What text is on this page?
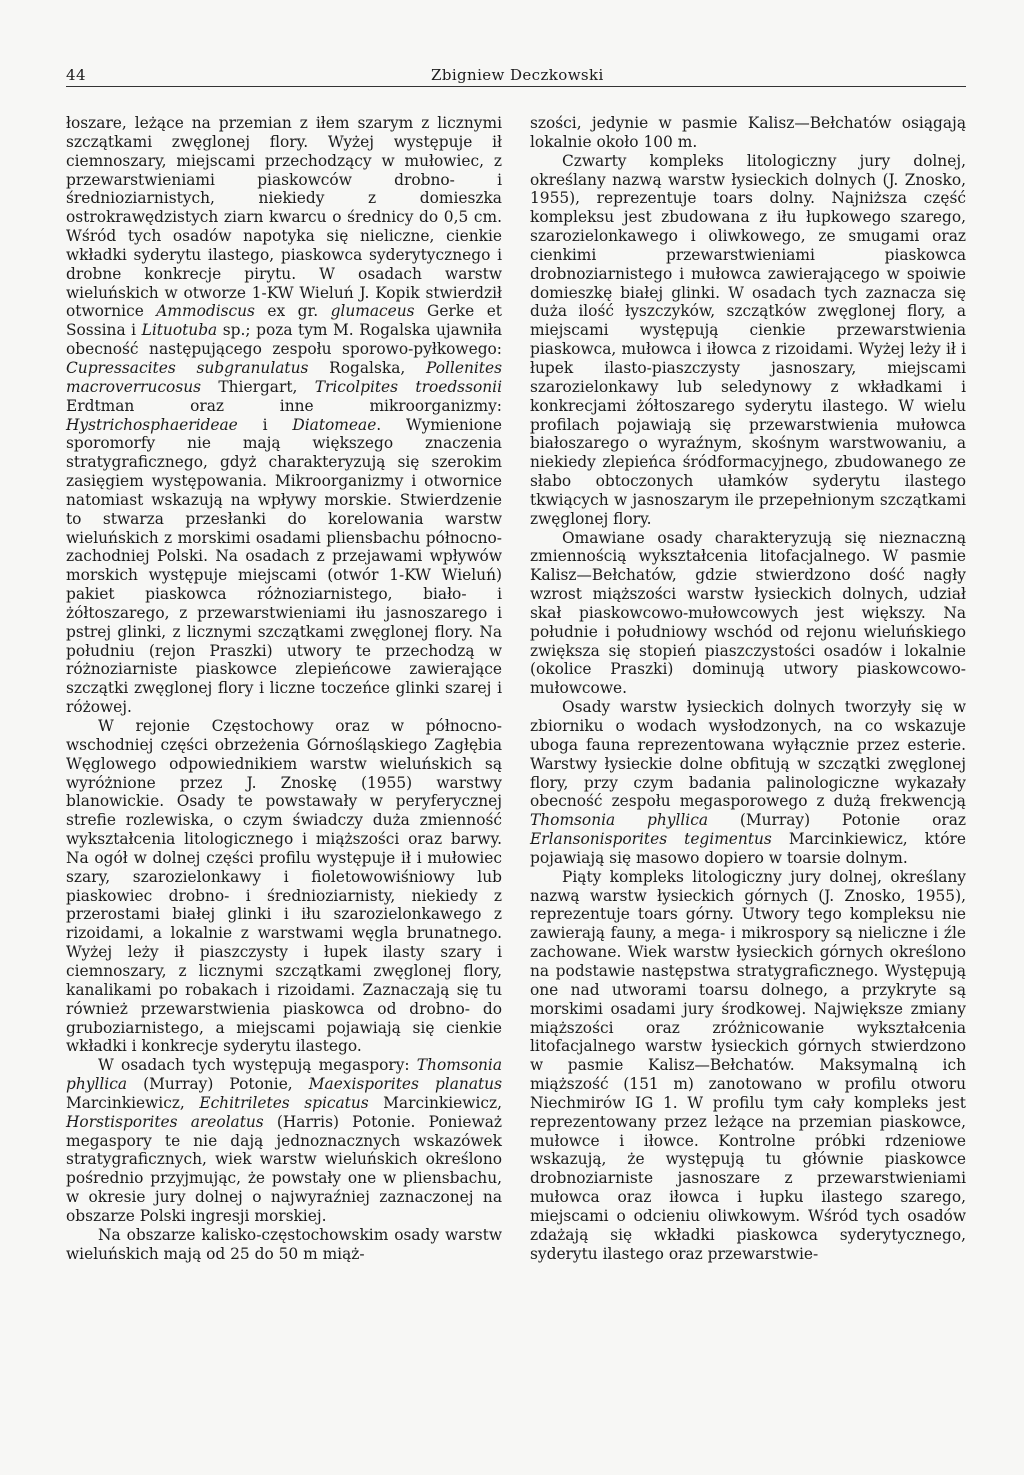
44	Zbigniew Deczkowski

łoszare, leżące na przemian z iłem szarym z licznymi szczątkami zwęglonej flory. Wyżej występuje ił ciemnoszary, miejscami przechodzący w mułowiec, z przewarstwieniami piaskowców drobno- i średnioziarnistych, niekiedy z domieszka ostrokrawędzistych ziarn kwarcu o średnicy do 0,5 cm. Wśród tych osadów napotyka się nieliczne, cienkie wkładki syderytu ilastego, piaskowca syderytycznego i drobne konkrecje pirytu. W osadach warstw wieluńskich w otworze 1-KW Wieluń J. Kopik stwierdził otwornice Ammodiscus ex gr. glumaceus Gerke et Sossina i Lituotuba sp.; poza tym M. Rogalska ujawniła obecność następującego zespołu sporowo-pyłkowego: Cupressacites subgranulatus Rogalska, Pollenites macroverrucosus Thiergart, Tricolpites troedssonii Erdtman oraz inne mikroorganizmy: Hystrichosphaerideae i Diatomeae. Wymienione sporomorfy nie mają większego znaczenia stratygraficznego, gdyż charakteryzują się szerokim zasięgiem występowania. Mikroorganizmy i otwornice natomiast wskazują na wpływy morskie. Stwierdzenie to stwarza przesłanki do korelowania warstw wieluńskich z morskimi osadami pliensbachu północno-zachodniej Polski. Na osadach z przejawami wpływów morskich występuje miejscami (otwór 1-KW Wieluń) pakiet piaskowca różnoziarnistego, biało- i żółtoszarego, z przewarstwieniami iłu jasnoszarego i pstrej glinki, z licznymi szczątkami zwęglonej flory. Na południu (rejon Praszki) utwory te przechodzą w różnoziarniste piaskowce zlepieńcowe zawierające szczątki zwęglonej flory i liczne toczeńce glinki szarej i różowej.

W rejonie Częstochowy oraz w północno-wschodniej części obrzeżenia Górnośląskiego Zagłębia Węglowego odpowiednikiem warstw wieluńskich są wyróżnione przez J. Znoskę (1955) warstwy blanowickie. Osady te powstawały w peryferycznej strefie rozlewiska, o czym świadczy duża zmienność wykształcenia litologicznego i miąższości oraz barwy. Na ogół w dolnej części profilu występuje ił i mułowiec szary, szarozielonkawy i fioletowowiśniowy lub piaskowiec drobno- i średnioziarnisty, niekiedy z przerostami białej glinki i iłu szarozielonkawego z rizoidami, a lokalnie z warstwami węgla brunatnego. Wyżej leży ił piaszczysty i łupek ilasty szary i ciemnoszary, z licznymi szczątkami zwęglonej flory, kanalikami po robakach i rizoidami. Zaznaczają się tu również przewarstwienia piaskowca od drobno- do gruboziarnistego, a miejscami pojawiają się cienkie wkładki i konkrecje syderytu ilastego.

W osadach tych występują megaspory: Thomsonia phyllica (Murray) Potonie, Maexisporites planatus Marcinkiewicz, Echitriletes spicatus Marcinkiewicz, Horstisporites areolatus (Harris) Potonie. Ponieważ megaspory te nie dają jednoznacznych wskazówek stratygraficznych, wiek warstw wieluńskich określono pośrednio przyjmując, że powstały one w pliensbachu, w okresie jury dolnej o najwyraźniej zaznaczonej na obszarze Polski ingresji morskiej.

Na obszarze kalisko-częstochowskim osady warstw wieluńskich mają od 25 do 50 m miąż-

szości, jedynie w pasmie Kalisz—Bełchatów osiągają lokalnie około 100 m.

Czwarty kompleks litologiczny jury dolnej, określany nazwą warstw łysieckich dolnych (J. Znosko, 1955), reprezentuje toars dolny. Najniższa część kompleksu jest zbudowana z iłu łupkowego szarego, szarozielonkawego i oliwkowego, ze smugami oraz cienkimi przewarstwieniami piaskowca drobnoziarnistego i mułowca zawierającego w spoiwie domieszkę białej glinki. W osadach tych zaznacza się duża ilość łyszczyków, szczątków zwęglonej flory, a miejscami występują cienkie przewarstwienia piaskowca, mułowca i iłowca z rizoidami. Wyżej leży ił i łupek ilasto-piaszczysty jasnoszary, miejscami szarozielonkawy lub seledynowy z wkładkami i konkrecjami żółtoszarego syderytu ilastego. W wielu profilach pojawiają się przewarstwienia mułowca białoszarego o wyraźnym, skośnym warstwowaniu, a niekiedy zlepieńca śródformacyjnego, zbudowanego ze słabo obtoczonych ułamków syderytu ilastego tkwiących w jasnoszarym ile przepełnionym szczątkami zwęglonej flory.

Omawiane osady charakteryzują się nieznaczną zmiennością wykształcenia litofacjalnego. W pasmie Kalisz—Bełchatów, gdzie stwierdzono dość nagły wzrost miąższości warstw łysieckich dolnych, udział skał piaskowcowo-mułowcowych jest większy. Na południe i południowy wschód od rejonu wieluńskiego zwiększa się stopień piaszczystości osadów i lokalnie (okolice Praszki) dominują utwory piaskowcowo-mułowcowe.

Osady warstw łysieckich dolnych tworzyły się w zbiorniku o wodach wysłodzonych, na co wskazuje uboga fauna reprezentowana wyłącznie przez esterie. Warstwy łysieckie dolne obfitują w szczątki zwęglonej flory, przy czym badania palinologiczne wykazały obecność zespołu megasporowego z dużą frekwencją Thomsonia phyllica (Murray) Potonie oraz Erlansonisporites tegimentus Marcinkiewicz, które pojawiają się masowo dopiero w toarsie dolnym.

Piąty kompleks litologiczny jury dolnej, określany nazwą warstw łysieckich górnych (J. Znosko, 1955), reprezentuje toars górny. Utwory tego kompleksu nie zawierają fauny, a mega- i mikrospory są nieliczne i źle zachowane. Wiek warstw łysieckich górnych określono na podstawie następstwa stratygraficznego. Występują one nad utworami toarsu dolnego, a przykryte są morskimi osadami jury środkowej. Największe zmiany miąższości oraz zróżnicowanie wykształcenia litofacjalnego warstw łysieckich górnych stwierdzono w pasmie Kalisz—Bełchatów. Maksymalną ich miąższość (151 m) zanotowano w profilu otworu Niechmirów IG 1. W profilu tym cały kompleks jest reprezentowany przez leżące na przemian piaskowce, mułowce i iłowce. Kontrolne próbki rdzeniowe wskazują, że występują tu głównie piaskowce drobnoziarniste jasnoszare z przewarstwieniami mułowca oraz iłowca i łupku ilastego szarego, miejscami o odcieniu oliwkowym. Wśród tych osadów zdażają się wkładki piaskowca syderytycznego, syderytu ilastego oraz przewarstwie-
